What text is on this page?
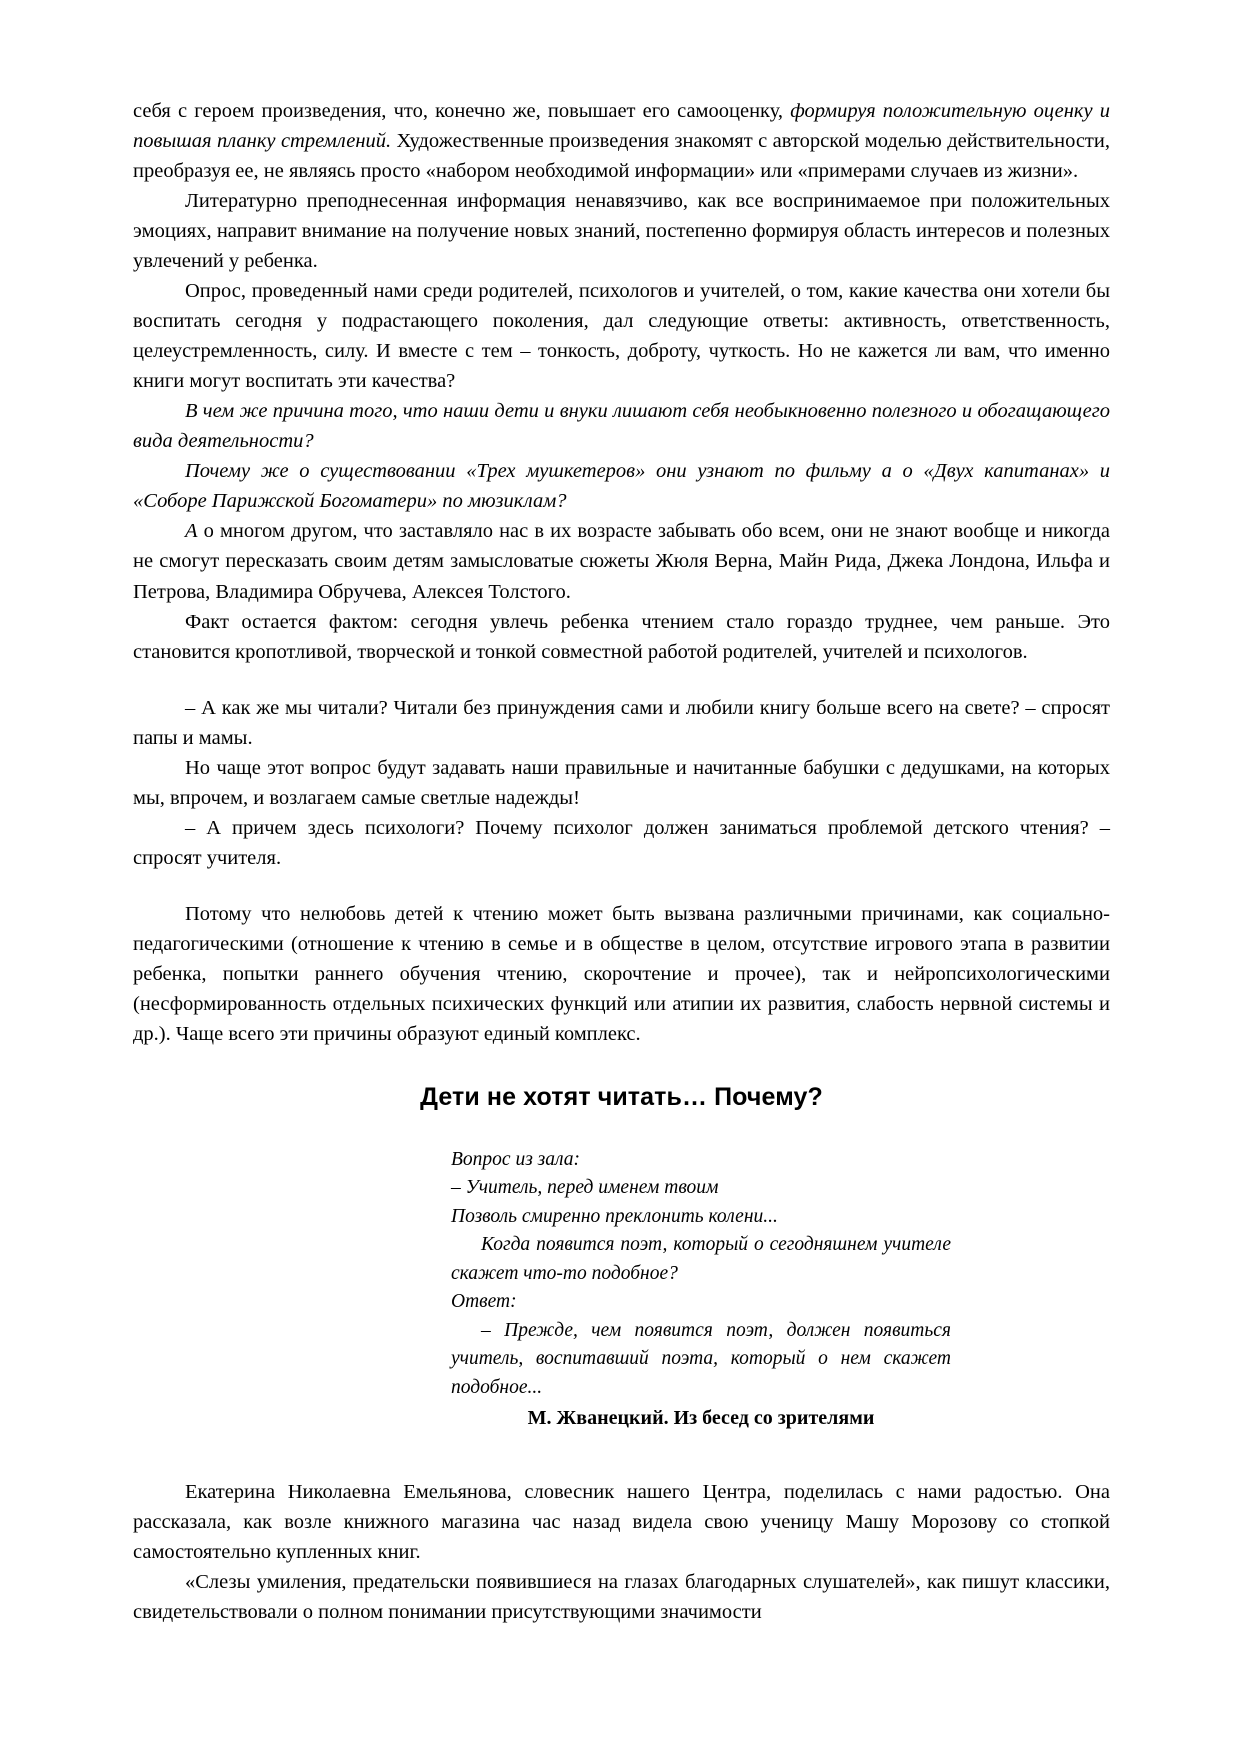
себя с героем произведения, что, конечно же, повышает его самооценку, формируя положительную оценку и повышая планку стремлений. Художественные произведения знакомят с авторской моделью действительности, преобразуя ее, не являясь просто «набором необходимой информации» или «примерами случаев из жизни».

Литературно преподнесенная информация ненавязчиво, как все воспринимаемое при положительных эмоциях, направит внимание на получение новых знаний, постепенно формируя область интересов и полезных увлечений у ребенка.

Опрос, проведенный нами среди родителей, психологов и учителей, о том, какие качества они хотели бы воспитать сегодня у подрастающего поколения, дал следующие ответы: активность, ответственность, целеустремленность, силу. И вместе с тем – тонкость, доброту, чуткость. Но не кажется ли вам, что именно книги могут воспитать эти качества?

В чем же причина того, что наши дети и внуки лишают себя необыкновенно полезного и обогащающего вида деятельности?

Почему же о существовании «Трех мушкетеров» они узнают по фильму а о «Двух капитанах» и «Соборе Парижской Богоматери» по мюзиклам?

А о многом другом, что заставляло нас в их возрасте забывать обо всем, они не знают вообще и никогда не смогут пересказать своим детям замысловатые сюжеты Жюля Верна, Майн Рида, Джека Лондона, Ильфа и Петрова, Владимира Обручева, Алексея Толстого.

Факт остается фактом: сегодня увлечь ребенка чтением стало гораздо труднее, чем раньше. Это становится кропотливой, творческой и тонкой совместной работой родителей, учителей и психологов.

– А как же мы читали? Читали без принуждения сами и любили книгу больше всего на свете? – спросят папы и мамы.

Но чаще этот вопрос будут задавать наши правильные и начитанные бабушки с дедушками, на которых мы, впрочем, и возлагаем самые светлые надежды!

– А причем здесь психологи? Почему психолог должен заниматься проблемой детского чтения? – спросят учителя.

Потому что нелюбовь детей к чтению может быть вызвана различными причинами, как социально-педагогическими (отношение к чтению в семье и в обществе в целом, отсутствие игрового этапа в развитии ребенка, попытки раннего обучения чтению, скорочтение и прочее), так и нейропсихологическими (несформированность отдельных психических функций или атипии их развития, слабость нервной системы и др.). Чаще всего эти причины образуют единый комплекс.

Дети не хотят читать… Почему?

Вопрос из зала:

– Учитель, перед именем твоим

Позволь смиренно преклонить колени...

Когда появится поэт, который о сегодняшнем учителе скажет что-то подобное?

Ответ:

– Прежде, чем появится поэт, должен появиться учитель, воспитавший поэта, который о нем скажет подобное...

М. Жванецкий. Из бесед со зрителями

Екатерина Николаевна Емельянова, словесник нашего Центра, поделилась с нами радостью. Она рассказала, как возле книжного магазина час назад видела свою ученицу Машу Морозову со стопкой самостоятельно купленных книг.

«Слезы умиления, предательски появившиеся на глазах благодарных слушателей», как пишут классики, свидетельствовали о полном понимании присутствующими значимости
